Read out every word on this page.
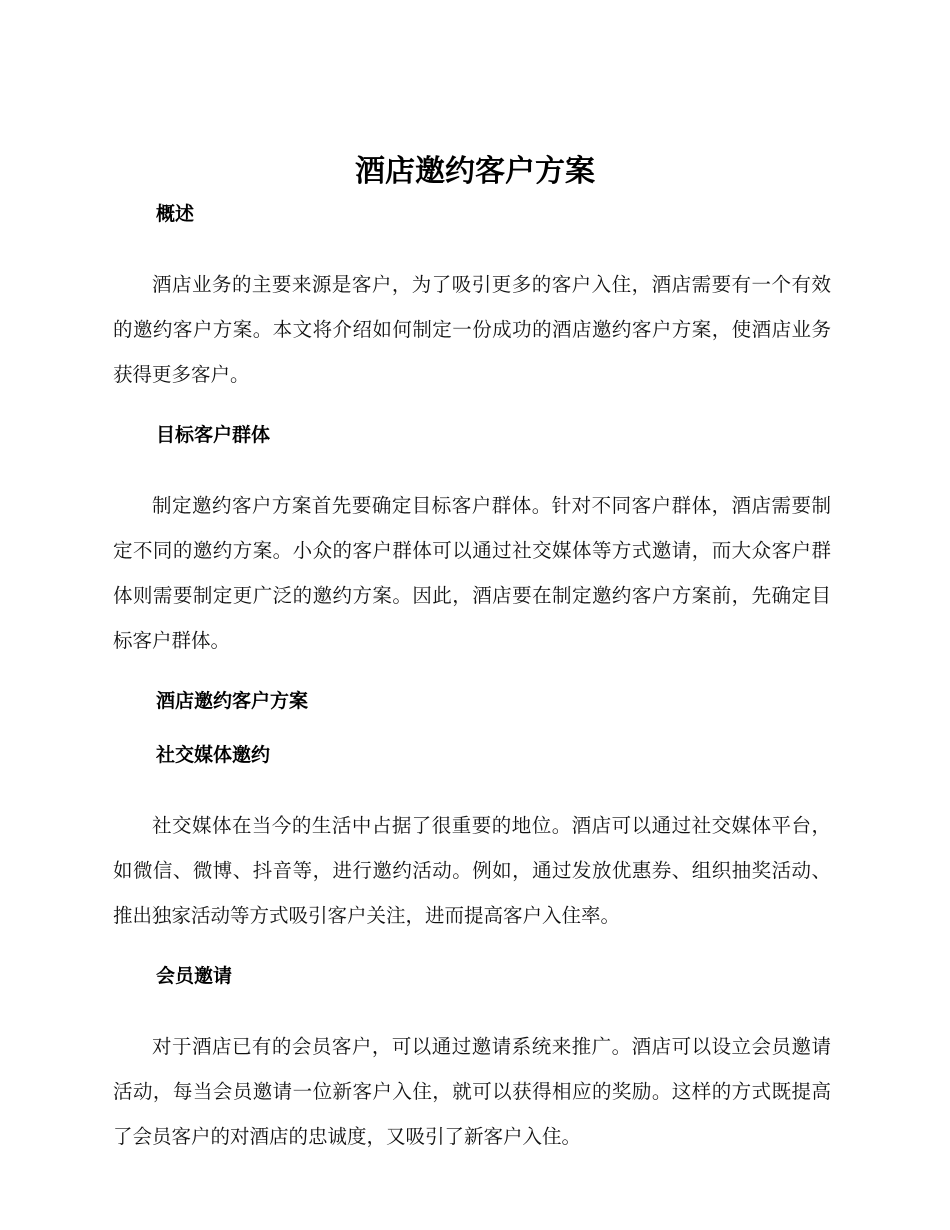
酒店邀约客户方案
概述

酒店业务的主要来源是客户，为了吸引更多的客户入住，酒店需要有一个有效的邀约客户方案。本文将介绍如何制定一份成功的酒店邀约客户方案，使酒店业务获得更多客户。

目标客户群体

制定邀约客户方案首先要确定目标客户群体。针对不同客户群体，酒店需要制定不同的邀约方案。小众的客户群体可以通过社交媒体等方式邀请，而大众客户群体则需要制定更广泛的邀约方案。因此，酒店要在制定邀约客户方案前，先确定目标客户群体。

酒店邀约客户方案
社交媒体邀约

社交媒体在当今的生活中占据了很重要的地位。酒店可以通过社交媒体平台，如微信、微博、抖音等，进行邀约活动。例如，通过发放优惠券、组织抽奖活动、推出独家活动等方式吸引客户关注，进而提高客户入住率。

会员邀请

对于酒店已有的会员客户，可以通过邀请系统来推广。酒店可以设立会员邀请活动，每当会员邀请一位新客户入住，就可以获得相应的奖励。这样的方式既提高了会员客户的对酒店的忠诚度，又吸引了新客户入住。
